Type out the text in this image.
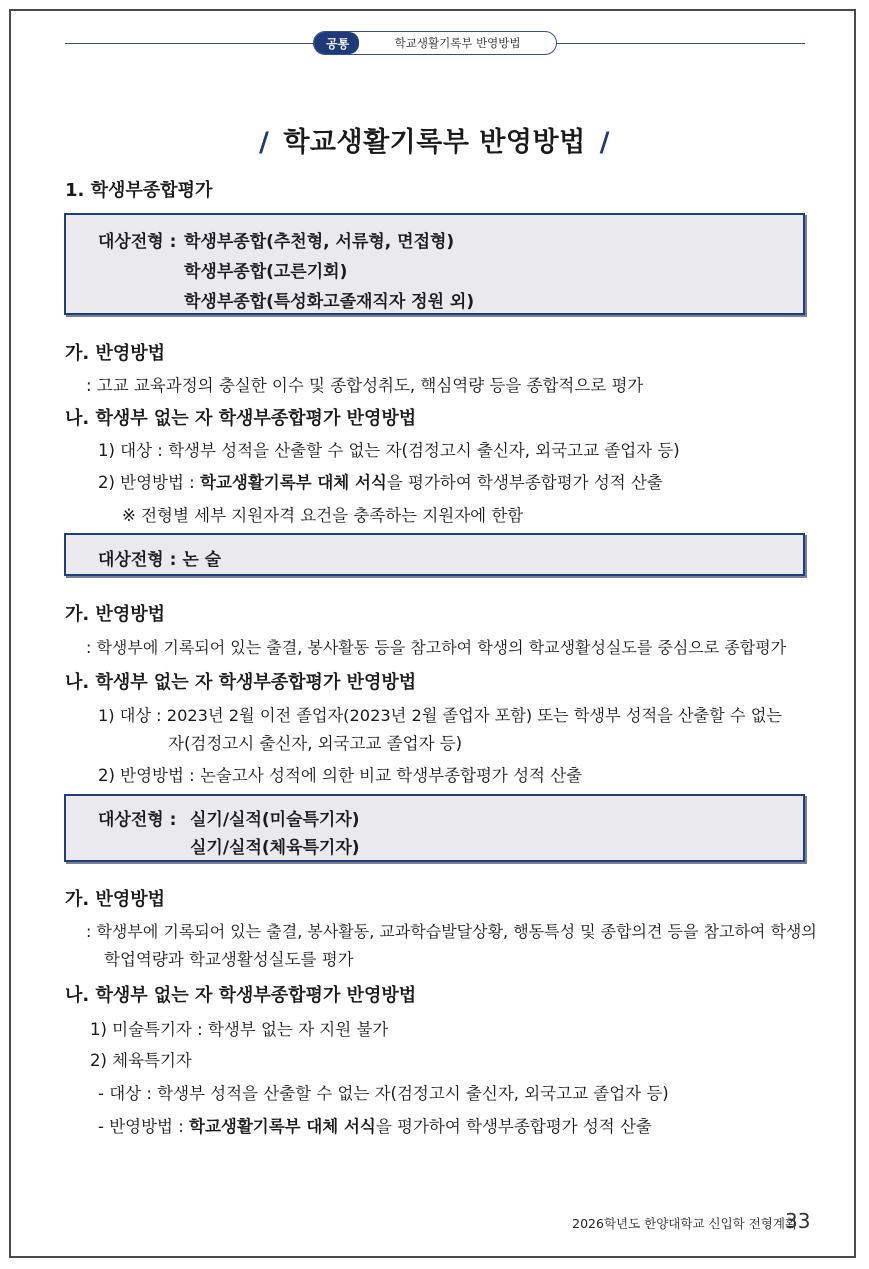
공통	학교생활기록부 반영방법
/ 학교생활기록부 반영방법 /
1. 학생부종합평가
대상전형 : 학생부종합(추천형, 서류형, 면접형)
학생부종합(고른기회)
학생부종합(특성화고졸재직자 정원 외)
가. 반영방법
: 고교 교육과정의 충실한 이수 및 종합성취도, 핵심역량 등을 종합적으로 평가
나. 학생부 없는 자 학생부종합평가 반영방법
1) 대상 : 학생부 성적을 산출할 수 없는 자(검정고시 출신자, 외국고교 졸업자 등)
2) 반영방법 : 학교생활기록부 대체 서식을 평가하여 학생부종합평가 성적 산출
※ 전형별 세부 지원자격 요건을 충족하는 지원자에 한함
대상전형 : 논 술
가. 반영방법
: 학생부에 기록되어 있는 출결, 봉사활동 등을 참고하여 학생의 학교생활성실도를 중심으로 종합평가
나. 학생부 없는 자 학생부종합평가 반영방법
1) 대상 : 2023년 2월 이전 졸업자(2023년 2월 졸업자 포함) 또는 학생부 성적을 산출할 수 없는
자(검정고시 출신자, 외국고교 졸업자 등)
2) 반영방법 : 논술고사 성적에 의한 비교 학생부종합평가 성적 산출
대상전형 : 실기/실적(미술특기자)
실기/실적(체육특기자)
가. 반영방법
: 학생부에 기록되어 있는 출결, 봉사활동, 교과학습발달상황, 행동특성 및 종합의견 등을 참고하여 학생의
학업역량과 학교생활성실도를 평가
나. 학생부 없는 자 학생부종합평가 반영방법
1) 미술특기자 : 학생부 없는 자 지원 불가
2) 체육특기자
- 대상 : 학생부 성적을 산출할 수 없는 자(검정고시 출신자, 외국고교 졸업자 등)
- 반영방법 : 학교생활기록부 대체 서식을 평가하여 학생부종합평가 성적 산출
2026학년도 한양대학교 신입학 전형계획
33
